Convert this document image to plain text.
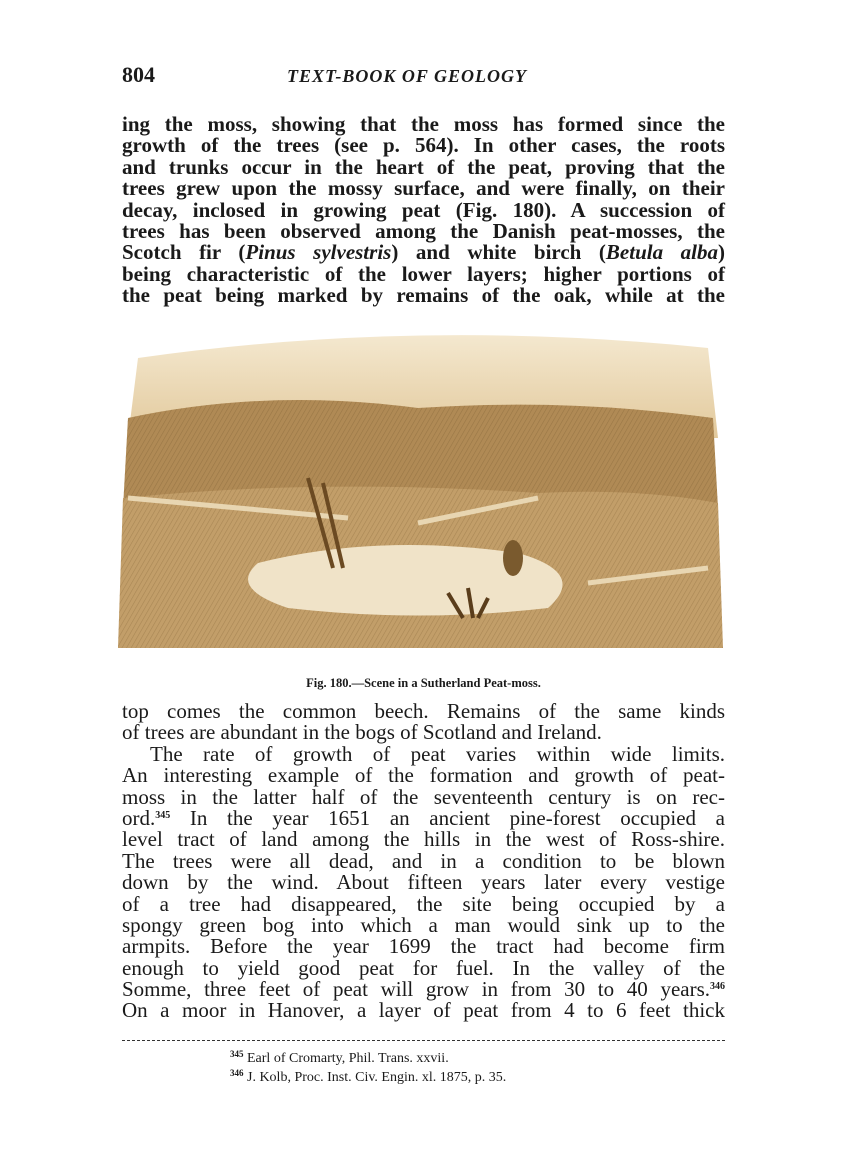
804	TEXT-BOOK OF GEOLOGY
ing the moss, showing that the moss has formed since the
growth of the trees (see p. 564). In other cases, the roots
and trunks occur in the heart of the peat, proving that the
trees grew upon the mossy surface, and were finally, on their
decay, inclosed in growing peat (Fig. 180). A succession of
trees has been observed among the Danish peat-mosses, the
Scotch fir (Pinus sylvestris) and white birch (Betula alba)
being characteristic of the lower layers; higher portions of
the peat being marked by remains of the oak, while at the
Fig. 180.—Scene in a Sutherland Peat-moss.
top comes the common beech. Remains of the same kinds
of trees are abundant in the bogs of Scotland and Ireland.
The rate of growth of peat varies within wide limits.
An interesting example of the formation and growth of peat-
moss in the latter half of the seventeenth century is on rec-
ord.$^{345}$ In the year 1651 an ancient pine-forest occupied a
level tract of land among the hills in the west of Ross-shire.
The trees were all dead, and in a condition to be blown
down by the wind. About fifteen years later every vestige
of a tree had disappeared, the site being occupied by a
spongy green bog into which a man would sink up to the
armpits. Before the year 1699 the tract had become firm
enough to yield good peat for fuel. In the valley of the
Somme, three feet of peat will grow in from 30 to 40 years.$^{346}$
On a moor in Hanover, a layer of peat from 4 to 6 feet thick
$^{345}$ Earl of Cromarty, Phil. Trans. xxvii.
$^{346}$ J. Kolb, Proc. Inst. Civ. Engin. xl. 1875, p. 35.
